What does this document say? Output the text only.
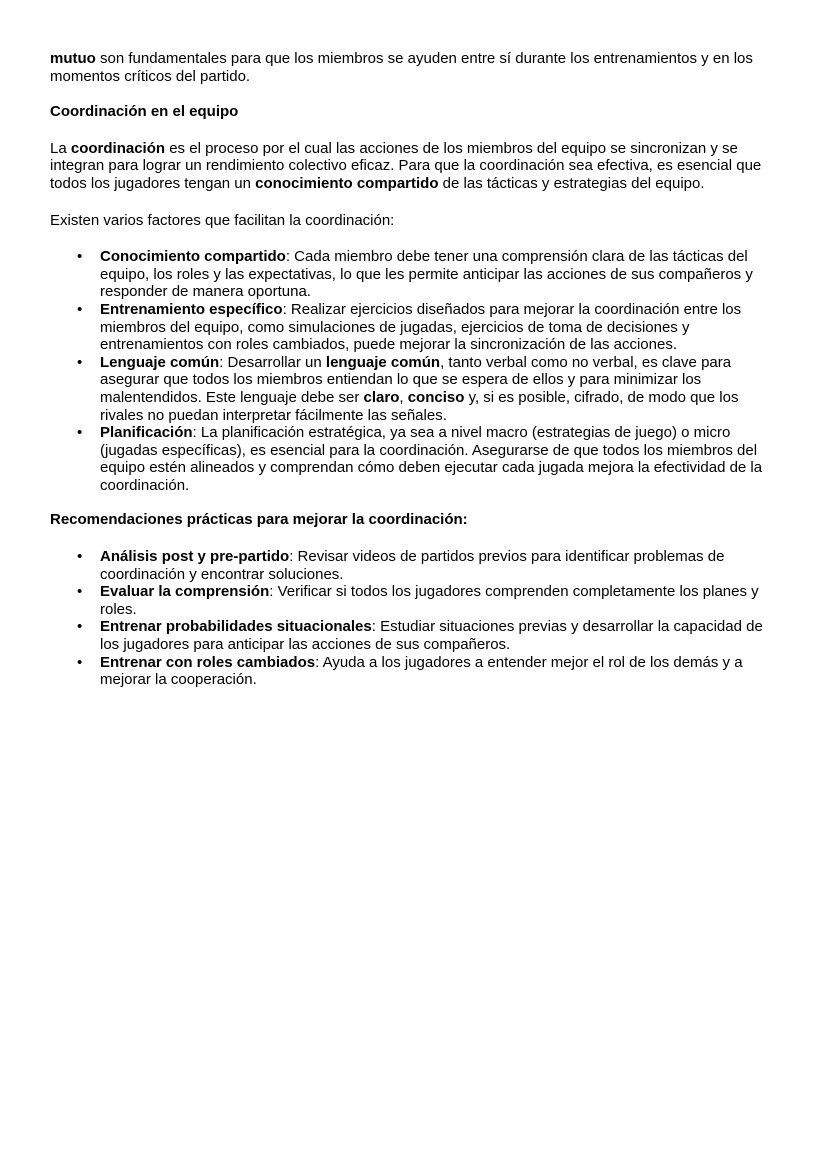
mutuo son fundamentales para que los miembros se ayuden entre sí durante los entrenamientos y en los momentos críticos del partido.

Coordinación en el equipo

La coordinación es el proceso por el cual las acciones de los miembros del equipo se sincronizan y se integran para lograr un rendimiento colectivo eficaz. Para que la coordinación sea efectiva, es esencial que todos los jugadores tengan un conocimiento compartido de las tácticas y estrategias del equipo.

Existen varios factores que facilitan la coordinación:

• Conocimiento compartido: Cada miembro debe tener una comprensión clara de las tácticas del equipo, los roles y las expectativas, lo que les permite anticipar las acciones de sus compañeros y responder de manera oportuna.
• Entrenamiento específico: Realizar ejercicios diseñados para mejorar la coordinación entre los miembros del equipo, como simulaciones de jugadas, ejercicios de toma de decisiones y entrenamientos con roles cambiados, puede mejorar la sincronización de las acciones.
• Lenguaje común: Desarrollar un lenguaje común, tanto verbal como no verbal, es clave para asegurar que todos los miembros entiendan lo que se espera de ellos y para minimizar los malentendidos. Este lenguaje debe ser claro, conciso y, si es posible, cifrado, de modo que los rivales no puedan interpretar fácilmente las señales.
• Planificación: La planificación estratégica, ya sea a nivel macro (estrategias de juego) o micro (jugadas específicas), es esencial para la coordinación. Asegurarse de que todos los miembros del equipo estén alineados y comprendan cómo deben ejecutar cada jugada mejora la efectividad de la coordinación.

Recomendaciones prácticas para mejorar la coordinación:

• Análisis post y pre-partido: Revisar videos de partidos previos para identificar problemas de coordinación y encontrar soluciones.
• Evaluar la comprensión: Verificar si todos los jugadores comprenden completamente los planes y roles.
• Entrenar probabilidades situacionales: Estudiar situaciones previas y desarrollar la capacidad de los jugadores para anticipar las acciones de sus compañeros.
• Entrenar con roles cambiados: Ayuda a los jugadores a entender mejor el rol de los demás y a mejorar la cooperación.
